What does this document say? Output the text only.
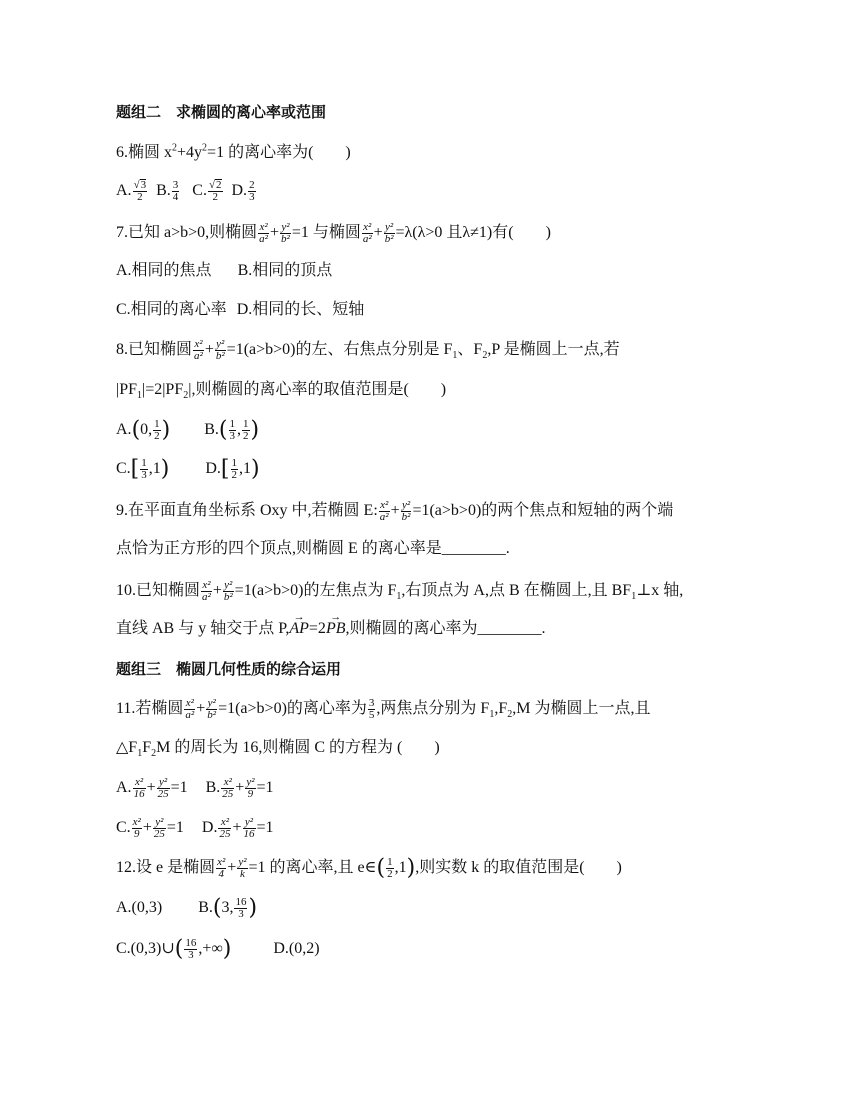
题组二　求椭圆的离心率或范围
6.椭圆 $x^2+4y^2=1$ 的离心率为(　　)
A. $\frac{√3}{2} B$. $\frac{3}{4} C$. $\frac{√2}{2} D$. $\frac{2}{3}$
7.已知 a>b>0,则椭圆 $\frac{\text{x²}}{\text{a²}} + \frac{\text{y²}}{\text{b²}} =1$ 与椭圆 $\frac{\text{x²}}{\text{a²}} + \frac{\text{y²}}{\text{b²}} =\lambda(\lambda>0$ 且λ≠1)有(　　)
A.相同的焦点 B.相同的顶点
C.相同的离心率 D.相同的长、短轴
8.已知椭圆 $\frac{\text{x²}}{\text{a²}} + \frac{\text{y²}}{\text{b²}} =1(a>b>0)$的左、右焦点分别是 $F_1$、$F_2,P$ 是椭圆上一点,若
$|PF_1|=2|PF_2|$,则椭圆的离心率的取值范围是(　　)
A.(0, $\frac{1}{2}$ ) $B.( \frac{1}{3}$ , $\frac{1}{2}$ )
$C.[ \frac{1}{3} ,1)$ $D.[ \frac{1}{2} ,1)$
9.在平面直角坐标系 Oxy 中,若椭圆 E: $\frac{\text{x²}}{\text{a²}} + \frac{\text{y²}}{\text{b²}} =1(a>b>0)$的两个焦点和短轴的两个端
点恰为正方形的四个顶点,则椭圆 E 的离心率是________.
10.已知椭圆 $\frac{\text{x²}}{\text{a²}} + \frac{\text{y²}}{\text{b²}} =1(a>b>0)$的左焦点为 $F_1$,右顶点为 A,点 B 在椭圆上,且 $BF_1\perp x$ 轴,
直线 AB 与 y 轴交于点 P,→ AP=2→ PB,则椭圆的离心率为________.
题组三　椭圆几何性质的综合运用
11.若椭圆 $\frac{\text{x²}}{\text{a²}} + \frac{\text{y²}}{\text{b²}} =1(a>b>0)$的离心率为 $\frac{3}{5}$ ,两焦点分别为 $F_1,F_2,M$ 为椭圆上一点,且
$\triangle F_1F_2M$ 的周长为 16,则椭圆 C 的方程为 (　　)
A. $\frac{\text{x²}}{16} + \frac{\text{y²}}{25} =1$ B. $\frac{\text{x²}}{25} + \frac{\text{y²}}{9} =1$
C. $\frac{\text{x²}}{9} + \frac{\text{y²}}{25} =1$ D. $\frac{\text{x²}}{25} + \frac{\text{y²}}{16} =1$
12.设 e 是椭圆 $\frac{\text{x²}}{4} + \frac{\text{y²}}{k} =1$ 的离心率,且 e∈( $\frac{1}{2} ,1$),则实数 k 的取值范围是(　　)
A.(0,3) B.(3, $\frac{16}{3}$ )
C.(0,3)∪( $\frac{16}{3}$ ,+∞)	D.(0,2)
